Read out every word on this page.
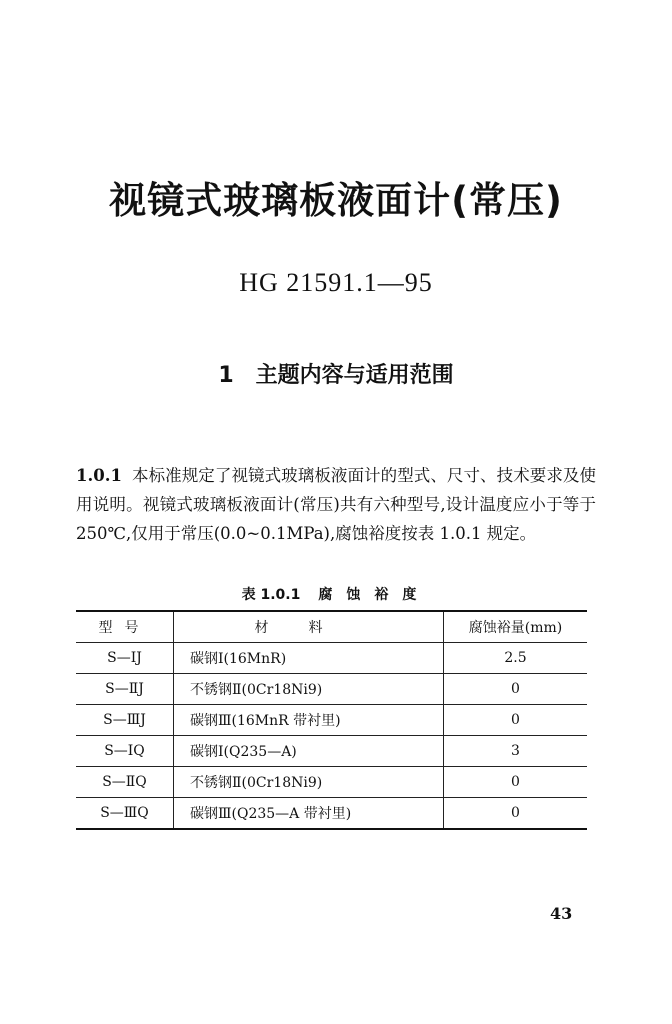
视镜式玻璃板液面计(常压)
HG 21591.1—95
1 主题内容与适用范围

1.0.1 本标准规定了视镜式玻璃板液面计的型式、尺寸、技术要求及使用说明。视镜式玻璃板液面计(常压)共有六种型号,设计温度应小于等于 250℃,仅用于常压(0.0~0.1MPa),腐蚀裕度按表 1.0.1 规定。

表 1.0.1 腐蚀裕度
型号	材料	腐蚀裕量(mm)
S—ⅠJ	碳钢Ⅰ(16MnR)	2.5
S—ⅡJ	不锈钢Ⅱ(0Cr18Ni9)	0
S—ⅢJ	碳钢Ⅲ(16MnR 带衬里)	0
S—ⅠQ	碳钢Ⅰ(Q235—A)	3
S—ⅡQ	不锈钢Ⅱ(0Cr18Ni9)	0
S—ⅢQ	碳钢Ⅲ(Q235—A 带衬里)	0
43
